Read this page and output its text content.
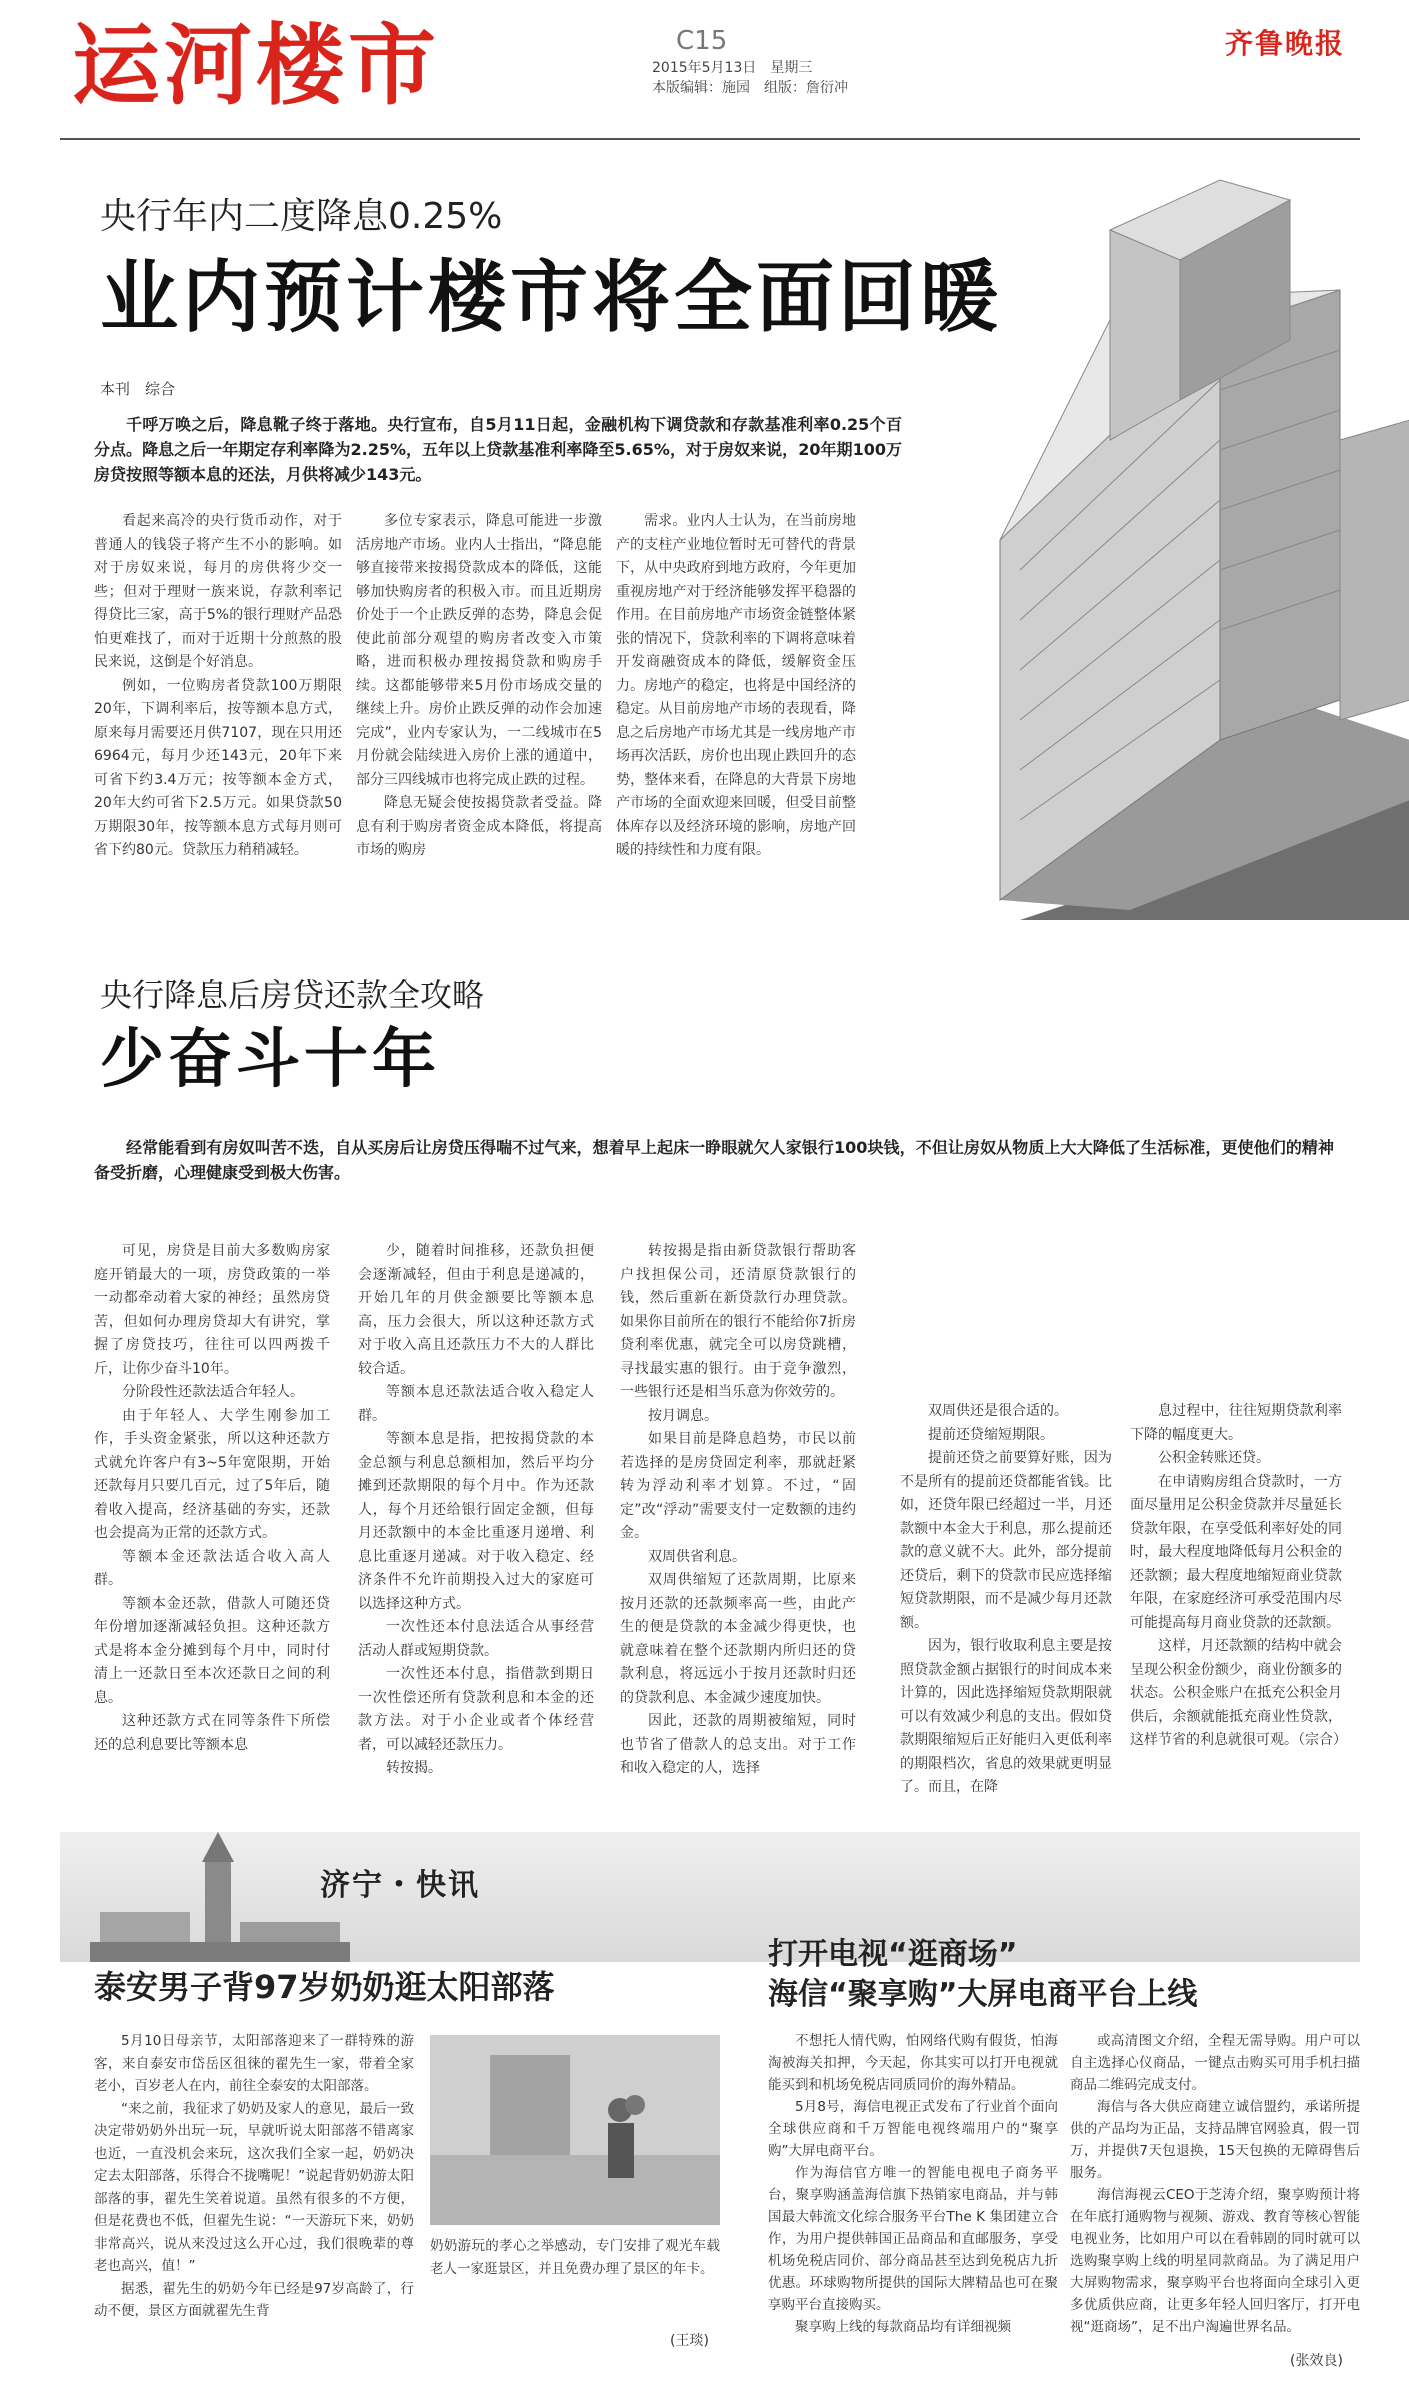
运河楼市	C15
2015年5月13日　星期三
本版编辑：施园　组版：詹衍冲
齐鲁晚报
央行年内二度降息0.25%
业内预计楼市将全面回暖
本刊　综合
千呼万唤之后，降息靴子终于落地。央行宣布，自5月11日起，金融机构下调贷款和存款基准利率0.25个百分点。降息之后一年期定存利率降为2.25%，五年以上贷款基准利率降至5.65%，对于房奴来说，20年期100万房贷按照等额本息的还法，月供将减少143元。

看起来高冷的央行货币动作，对于普通人的钱袋子将产生不小的影响。如对于房奴来说，每月的房供将少交一些；但对于理财一族来说，存款利率记得贷比三家，高于5%的银行理财产品恐怕更难找了，而对于近期十分煎熬的股民来说，这倒是个好消息。

例如，一位购房者贷款100万期限20年，下调利率后，按等额本息方式，原来每月需要还月供7107，现在只用还6964元，每月少还143元，20年下来可省下约3.4万元；按等额本金方式，20年大约可省下2.5万元。如果贷款50万期限30年，按等额本息方式每月则可省下约80元。贷款压力稍稍减轻。

多位专家表示，降息可能进一步激活房地产市场。业内人士指出，“降息能够直接带来按揭贷款成本的降低，这能够加快购房者的积极入市。而且近期房价处于一个止跌反弹的态势，降息会促使此前部分观望的购房者改变入市策略，进而积极办理按揭贷款和购房手续。这都能够带来5月份市场成交量的继续上升。房价止跌反弹的动作会加速完成”，业内专家认为，一二线城市在5月份就会陆续进入房价上涨的通道中，部分三四线城市也将完成止跌的过程。

降息无疑会使按揭贷款者受益。降息有利于购房者资金成本降低，将提高市场的购房

需求。业内人士认为，在当前房地产的支柱产业地位暂时无可替代的背景下，从中央政府到地方政府，今年更加重视房地产对于经济能够发挥平稳器的作用。在目前房地产市场资金链整体紧张的情况下，贷款利率的下调将意味着开发商融资成本的降低，缓解资金压力。房地产的稳定，也将是中国经济的稳定。从目前房地产市场的表现看，降息之后房地产市场尤其是一线房地产市场再次活跃，房价也出现止跌回升的态势，整体来看，在降息的大背景下房地产市场的全面欢迎来回暖，但受目前整体库存以及经济环境的影响，房地产回暖的持续性和力度有限。

央行降息后房贷还款全攻略
少奋斗十年
经常能看到有房奴叫苦不迭，自从买房后让房贷压得喘不过气来，想着早上起床一睁眼就欠人家银行100块钱，不但让房奴从物质上大大降低了生活标准，更使他们的精神备受折磨，心理健康受到极大伤害。

可见，房贷是目前大多数购房家庭开销最大的一项，房贷政策的一举一动都牵动着大家的神经；虽然房贷苦，但如何办理房贷却大有讲究，掌握了房贷技巧，往往可以四两拨千斤，让你少奋斗10年。

分阶段性还款法适合年轻人。

由于年轻人、大学生刚参加工作，手头资金紧张，所以这种还款方式就允许客户有3~5年宽限期，开始还款每月只要几百元，过了5年后，随着收入提高，经济基础的夯实，还款也会提高为正常的还款方式。

等额本金还款法适合收入高人群。

等额本金还款，借款人可随还贷年份增加逐渐减轻负担。这种还款方式是将本金分摊到每个月中，同时付清上一还款日至本次还款日之间的利息。

这种还款方式在同等条件下所偿还的总利息要比等额本息

少，随着时间推移，还款负担便会逐渐减轻，但由于利息是递减的，开始几年的月供金额要比等额本息高，压力会很大，所以这种还款方式对于收入高且还款压力不大的人群比较合适。

等额本息还款法适合收入稳定人群。

等额本息是指，把按揭贷款的本金总额与利息总额相加，然后平均分摊到还款期限的每个月中。作为还款人，每个月还给银行固定金额，但每月还款额中的本金比重逐月递增、利息比重逐月递减。对于收入稳定、经济条件不允许前期投入过大的家庭可以选择这种方式。

一次性还本付息法适合从事经营活动人群或短期贷款。

一次性还本付息，指借款到期日一次性偿还所有贷款利息和本金的还款方法。对于小企业或者个体经营者，可以减轻还款压力。

转按揭。

转按揭是指由新贷款银行帮助客户找担保公司，还清原贷款银行的钱，然后重新在新贷款行办理贷款。如果你目前所在的银行不能给你7折房贷利率优惠，就完全可以房贷跳槽，寻找最实惠的银行。由于竞争激烈，一些银行还是相当乐意为你效劳的。

按月调息。

如果目前是降息趋势，市民以前若选择的是房贷固定利率，那就赶紧转为浮动利率才划算。不过，“固定”改“浮动”需要支付一定数额的违约金。

双周供省利息。

双周供缩短了还款周期，比原来按月还款的还款频率高一些，由此产生的便是贷款的本金减少得更快，也就意味着在整个还款期内所归还的贷款利息，将远远小于按月还款时归还的贷款利息、本金减少速度加快。

因此，还款的周期被缩短，同时也节省了借款人的总支出。对于工作和收入稳定的人，选择

双周供还是很合适的。

提前还贷缩短期限。

提前还贷之前要算好账，因为不是所有的提前还贷都能省钱。比如，还贷年限已经超过一半，月还款额中本金大于利息，那么提前还款的意义就不大。此外，部分提前还贷后，剩下的贷款市民应选择缩短贷款期限，而不是减少每月还款额。

因为，银行收取利息主要是按照贷款金额占据银行的时间成本来计算的，因此选择缩短贷款期限就可以有效减少利息的支出。假如贷款期限缩短后正好能归入更低利率的期限档次，省息的效果就更明显了。而且，在降

息过程中，往往短期贷款利率下降的幅度更大。

公积金转账还贷。

在申请购房组合贷款时，一方面尽量用足公积金贷款并尽量延长贷款年限，在享受低利率好处的同时，最大程度地降低每月公积金的还款额；最大程度地缩短商业贷款年限，在家庭经济可承受范围内尽可能提高每月商业贷款的还款额。

这样，月还款额的结构中就会呈现公积金份额少，商业份额多的状态。公积金账户在抵充公积金月供后，余额就能抵充商业性贷款，这样节省的利息就很可观。（宗合）

济宁・快讯
泰安男子背97岁奶奶逛太阳部落

5月10日母亲节，太阳部落迎来了一群特殊的游客，来自泰安市岱岳区徂徕的翟先生一家，带着全家老小，百岁老人在内，前往全泰安的太阳部落。

“来之前，我征求了奶奶及家人的意见，最后一致决定带奶奶外出玩一玩，早就听说太阳部落不错离家也近，一直没机会来玩，这次我们全家一起，奶奶决定去太阳部落，乐得合不拢嘴呢！”说起背奶奶游太阳部落的事，翟先生笑着说道。虽然有很多的不方便，但是花费也不低，但翟先生说：“一天游玩下来，奶奶非常高兴，说从来没过这么开心过，我们很晚辈的尊老也高兴，值！”

据悉，翟先生的奶奶今年已经是97岁高龄了，行动不便，景区方面就翟先生背

奶奶游玩的孝心之举感动，专门安排了观光车载老人一家逛景区，并且免费办理了景区的年卡。
(王琰)
打开电视“逛商场”
海信“聚享购”大屏电商平台上线

不想托人情代购，怕网络代购有假货，怕海淘被海关扣押，今天起，你其实可以打开电视就能买到和机场免税店同质同价的海外精品。

5月8号，海信电视正式发布了行业首个面向全球供应商和千万智能电视终端用户的“聚享购”大屏电商平台。

作为海信官方唯一的智能电视电子商务平台，聚享购涵盖海信旗下热销家电商品，并与韩国最大韩流文化综合服务平台The K 集团建立合作，为用户提供韩国正品商品和直邮服务，享受机场免税店同价、部分商品甚至达到免税店九折优惠。环球购物所提供的国际大牌精品也可在聚享购平台直接购买。

聚享购上线的每款商品均有详细视频

或高清图文介绍，全程无需导购。用户可以自主选择心仪商品，一键点击购买可用手机扫描商品二维码完成支付。

海信与各大供应商建立诚信盟约，承诺所提供的产品均为正品，支持品牌官网验真，假一罚万，并提供7天包退换，15天包换的无障碍售后服务。

海信海视云CEO于芝涛介绍，聚享购预计将在年底打通购物与视频、游戏、教育等核心智能电视业务，比如用户可以在看韩剧的同时就可以选购聚享购上线的明星同款商品。为了满足用户大屏购物需求，聚享购平台也将面向全球引入更多优质供应商，让更多年轻人回归客厅，打开电视“逛商场”，足不出户淘遍世界名品。

(张效良)
